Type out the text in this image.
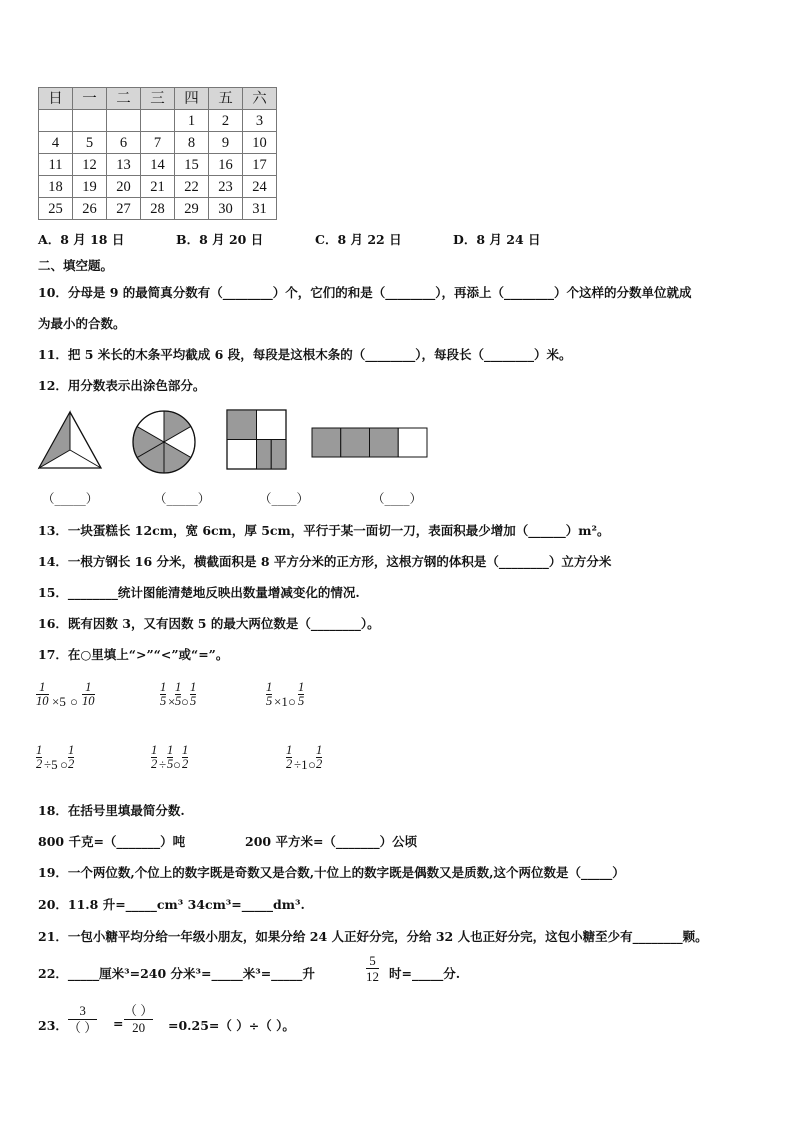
日	一	二	三	四	五	六
				1	2	3
4	5	6	7	8	9	10
11	12	13	14	15	16	17
18	19	20	21	22	23	24
25	26	27	28	29	30	31
A．8 月 18 日	B．8 月 20 日	C．8 月 22 日	D．8 月 24 日
二、填空题。
10．分母是 9 的最简真分数有（________）个，它们的和是（________），再添上（________）个这样的分数单位就成
为最小的合数。
11．把 5 米长的木条平均截成 6 段，每段是这根木条的（________），每段长（________）米。
12．用分数表示出涂色部分。
（_____）	（_____）	（____）	（____）
13．一块蛋糕长 12cm，宽 6cm，厚 5cm，平行于某一面切一刀，表面积最少增加（______）m²。
14．一根方钢长 16 分米，横截面积是 8 平方分米的正方形，这根方钢的体积是（________）立方分米
15．________统计图能清楚地反映出数量增减变化的情况.
16．既有因数 3，又有因数 5 的最大两位数是（________）。
17．在○里填上“>”“<”或“=”。
$\frac{1}{10} \times 5$ ○ $\frac{1}{10}$	$\frac{1}{5} \times \frac{1}{5}$ ○ $\frac{1}{5}$	$\frac{1}{5} \times 1$ ○ $\frac{1}{5}$
$\frac{1}{2} \div 5$ ○ $\frac{1}{2}$	$\frac{1}{2} \div \frac{1}{5}$ ○ $\frac{1}{2}$	$\frac{1}{2} \div 1$ ○ $\frac{1}{2}$
18．在括号里填最简分数.
800 千克=（_______）吨	200 平方米=（_______）公顷
19．一个两位数,个位上的数字既是奇数又是合数,十位上的数字既是偶数又是质数,这个两位数是（_____）
20．11.8 升=_____cm³ 34cm³=_____dm³.
21．一包小糖平均分给一年级小朋友，如果分给 24 人正好分完，分给 32 人也正好分完，这包小糖至少有________颗。
22．_____厘米³=240 分米³=_____米³=_____升	$\frac{5}{12}$ 时=_____分.
23．
3
（ ） =
（ ）
20	=0.25=（ ）÷（ ）。
